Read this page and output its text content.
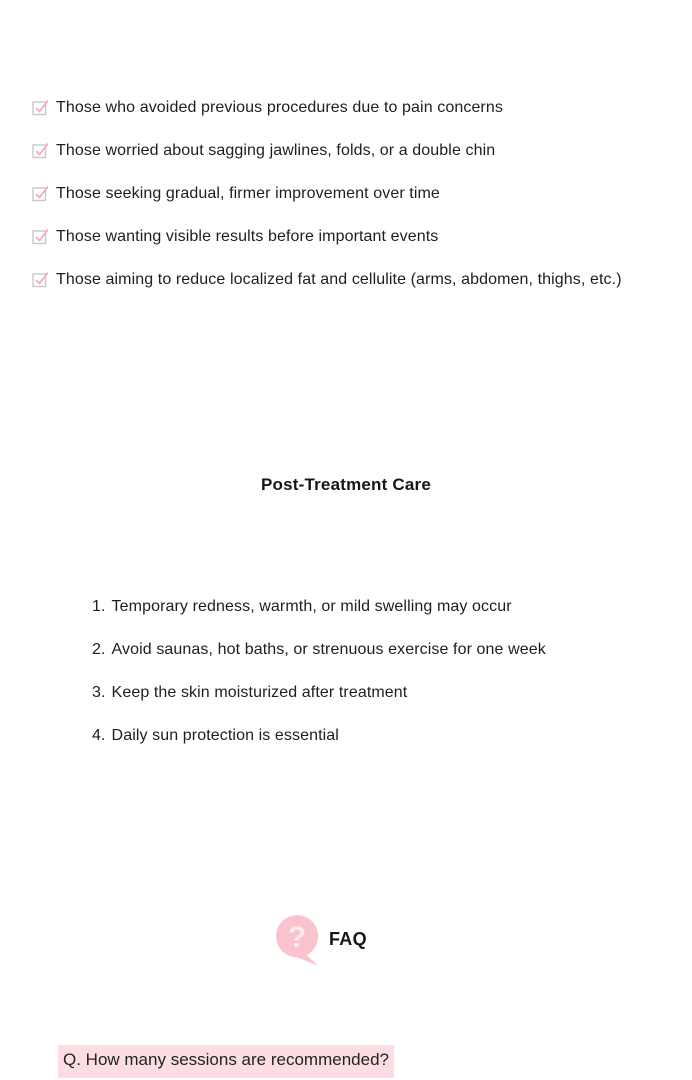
Those who avoided previous procedures due to pain concerns
Those worried about sagging jawlines, folds, or a double chin
Those seeking gradual, firmer improvement over time
Those wanting visible results before important events
Those aiming to reduce localized fat and cellulite (arms, abdomen, thighs, etc.)
Post-Treatment Care
1. Temporary redness, warmth, or mild swelling may occur
2. Avoid saunas, hot baths, or strenuous exercise for one week
3. Keep the skin moisturized after treatment
4. Daily sun protection is essential
? FAQ
Q. How many sessions are recommended?
